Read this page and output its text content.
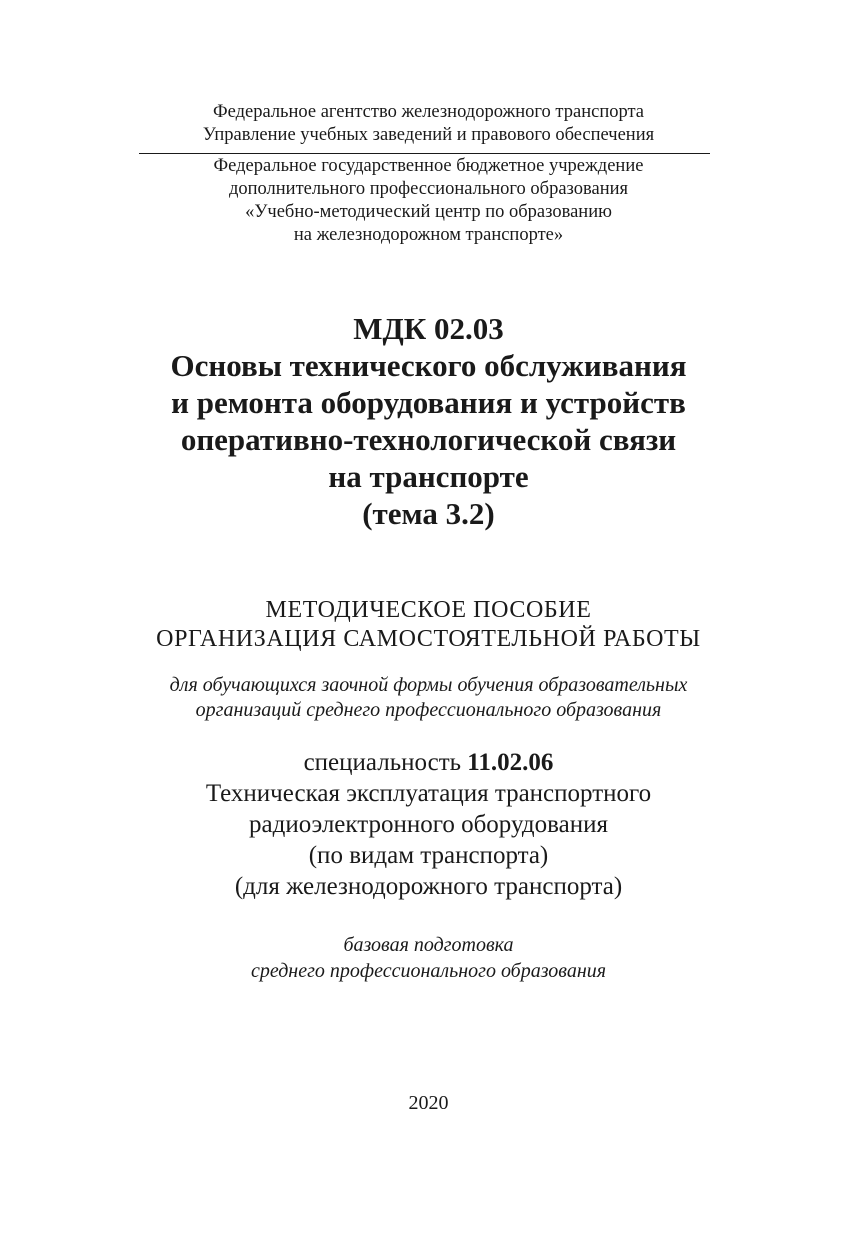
Федеральное агентство железнодорожного транспорта
Управление учебных заведений и правового обеспечения
Федеральное государственное бюджетное учреждение
дополнительного профессионального образования
«Учебно-методический центр по образованию
на железнодорожном транспорте»
МДК 02.03
Основы технического обслуживания
и ремонта оборудования и устройств
оперативно-технологической связи
на транспорте
(тема 3.2)
МЕТОДИЧЕСКОЕ ПОСОБИЕ
ОРГАНИЗАЦИЯ САМОСТОЯТЕЛЬНОЙ РАБОТЫ
для обучающихся заочной формы обучения образовательных
организаций среднего профессионального образования
специальность 11.02.06
Техническая эксплуатация транспортного
радиоэлектронного оборудования
(по видам транспорта)
(для железнодорожного транспорта)
базовая подготовка
среднего профессионального образования
2020
